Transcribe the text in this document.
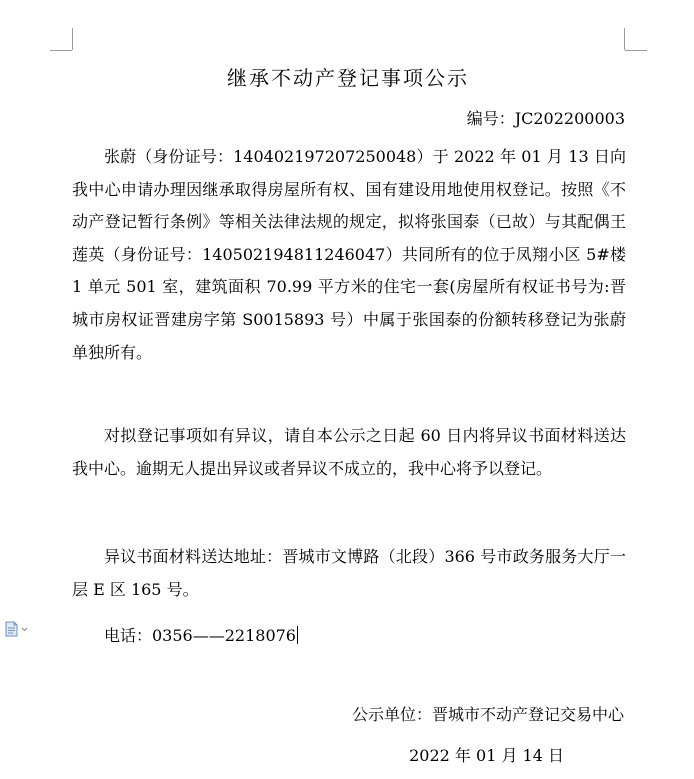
继承不动产登记事项公示
编号：JC202200003

张蔚（身份证号：140402197207250048）于 2022 年 01 月 13 日向我中心申请办理因继承取得房屋所有权、国有建设用地使用权登记。按照《不动产登记暂行条例》等相关法律法规的规定，拟将张国泰（已故）与其配偶王莲英（身份证号：140502194811246047）共同所有的位于凤翔小区 5#楼 1 单元 501 室，建筑面积 70.99 平方米的住宅一套(房屋所有权证书号为:晋城市房权证晋建房字第 S0015893 号）中属于张国泰的份额转移登记为张蔚单独所有。

对拟登记事项如有异议，请自本公示之日起 60 日内将异议书面材料送达我中心。逾期无人提出异议或者异议不成立的，我中心将予以登记。

异议书面材料送达地址：晋城市文博路（北段）366 号市政务服务大厅一层 E 区 165 号。

电话：0356——2218076

公示单位：晋城市不动产登记交易中心
2022 年 01 月 14 日
